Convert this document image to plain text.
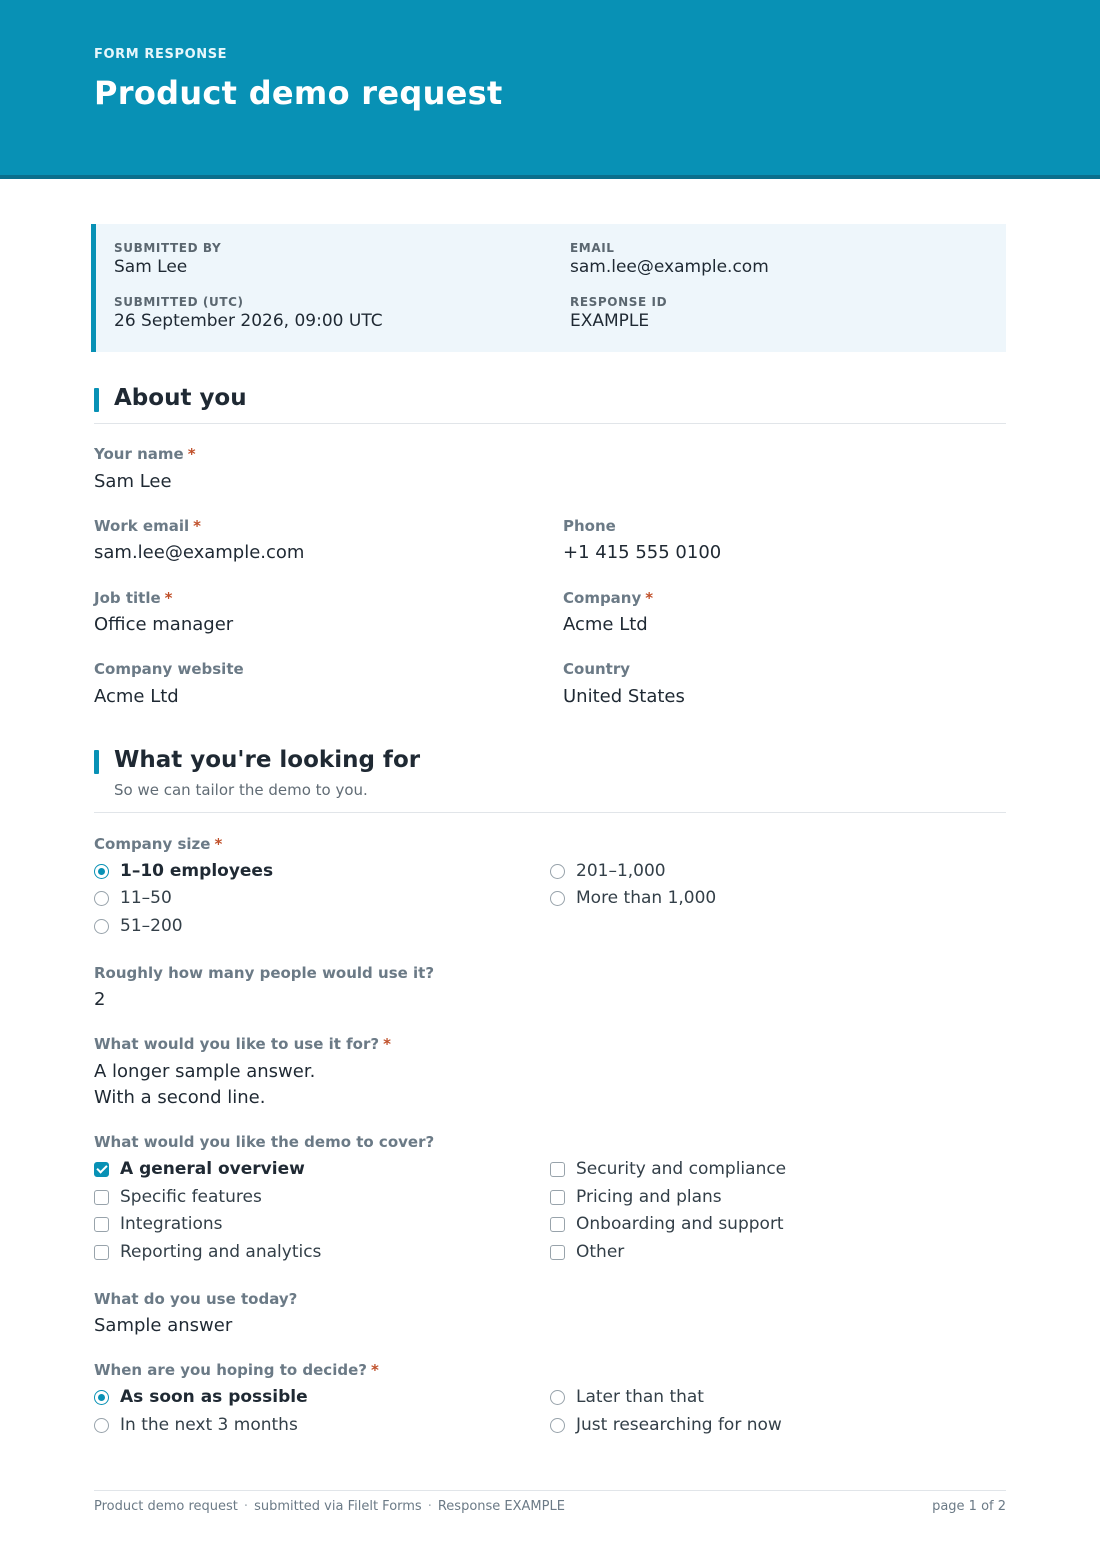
FORM RESPONSE
Product demo request
SUBMITTED BY
Sam Lee
EMAIL
sam.lee@example.com
SUBMITTED (UTC)
26 September 2026, 09:00 UTC
RESPONSE ID
EXAMPLE
About you
Your name *
Sam Lee
Work email *
sam.lee@example.com
Phone
+1 415 555 0100
Job title *
Office manager
Company *
Acme Ltd
Company website
Acme Ltd
Country
United States
What you're looking for
So we can tailor the demo to you.
Company size *
1–10 employees
11–50
51–200
201–1,000
More than 1,000
Roughly how many people would use it?
2
What would you like to use it for? *
A longer sample answer.
With a second line.
What would you like the demo to cover?
A general overview
Specific features
Integrations
Reporting and analytics
Security and compliance
Pricing and plans
Onboarding and support
Other
What do you use today?
Sample answer
When are you hoping to decide? *
As soon as possible
In the next 3 months
Later than that
Just researching for now
Product demo request · submitted via Filelt Forms · Response EXAMPLE	page 1 of 2
